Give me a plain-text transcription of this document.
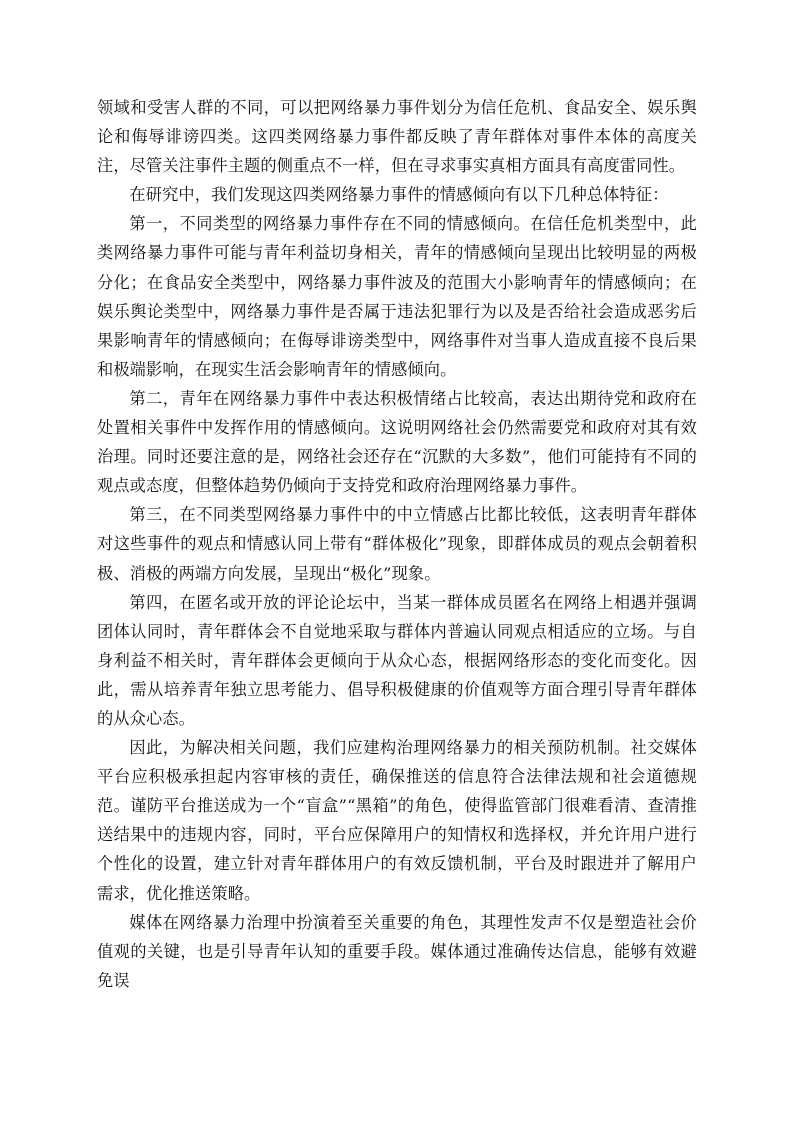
领域和受害人群的不同，可以把网络暴力事件划分为信任危机、食品安全、娱乐舆论和侮辱诽谤四类。这四类网络暴力事件都反映了青年群体对事件本体的高度关注，尽管关注事件主题的侧重点不一样，但在寻求事实真相方面具有高度雷同性。

在研究中，我们发现这四类网络暴力事件的情感倾向有以下几种总体特征：

第一，不同类型的网络暴力事件存在不同的情感倾向。在信任危机类型中，此类网络暴力事件可能与青年利益切身相关，青年的情感倾向呈现出比较明显的两极分化；在食品安全类型中，网络暴力事件波及的范围大小影响青年的情感倾向；在娱乐舆论类型中，网络暴力事件是否属于违法犯罪行为以及是否给社会造成恶劣后果影响青年的情感倾向；在侮辱诽谤类型中，网络事件对当事人造成直接不良后果和极端影响，在现实生活会影响青年的情感倾向。

第二，青年在网络暴力事件中表达积极情绪占比较高，表达出期待党和政府在处置相关事件中发挥作用的情感倾向。这说明网络社会仍然需要党和政府对其有效治理。同时还要注意的是，网络社会还存在“沉默的大多数”，他们可能持有不同的观点或态度，但整体趋势仍倾向于支持党和政府治理网络暴力事件。

第三，在不同类型网络暴力事件中的中立情感占比都比较低，这表明青年群体对这些事件的观点和情感认同上带有“群体极化”现象，即群体成员的观点会朝着积极、消极的两端方向发展，呈现出“极化”现象。

第四，在匿名或开放的评论论坛中，当某一群体成员匿名在网络上相遇并强调团体认同时，青年群体会不自觉地采取与群体内普遍认同观点相适应的立场。与自身利益不相关时，青年群体会更倾向于从众心态，根据网络形态的变化而变化。因此，需从培养青年独立思考能力、倡导积极健康的价值观等方面合理引导青年群体的从众心态。

因此，为解决相关问题，我们应建构治理网络暴力的相关预防机制。社交媒体平台应积极承担起内容审核的责任，确保推送的信息符合法律法规和社会道德规范。谨防平台推送成为一个“盲盒”“黑箱”的角色，使得监管部门很难看清、查清推送结果中的违规内容，同时，平台应保障用户的知情权和选择权，并允许用户进行个性化的设置，建立针对青年群体用户的有效反馈机制，平台及时跟进并了解用户需求，优化推送策略。

媒体在网络暴力治理中扮演着至关重要的角色，其理性发声不仅是塑造社会价值观的关键，也是引导青年认知的重要手段。媒体通过准确传达信息，能够有效避免误
